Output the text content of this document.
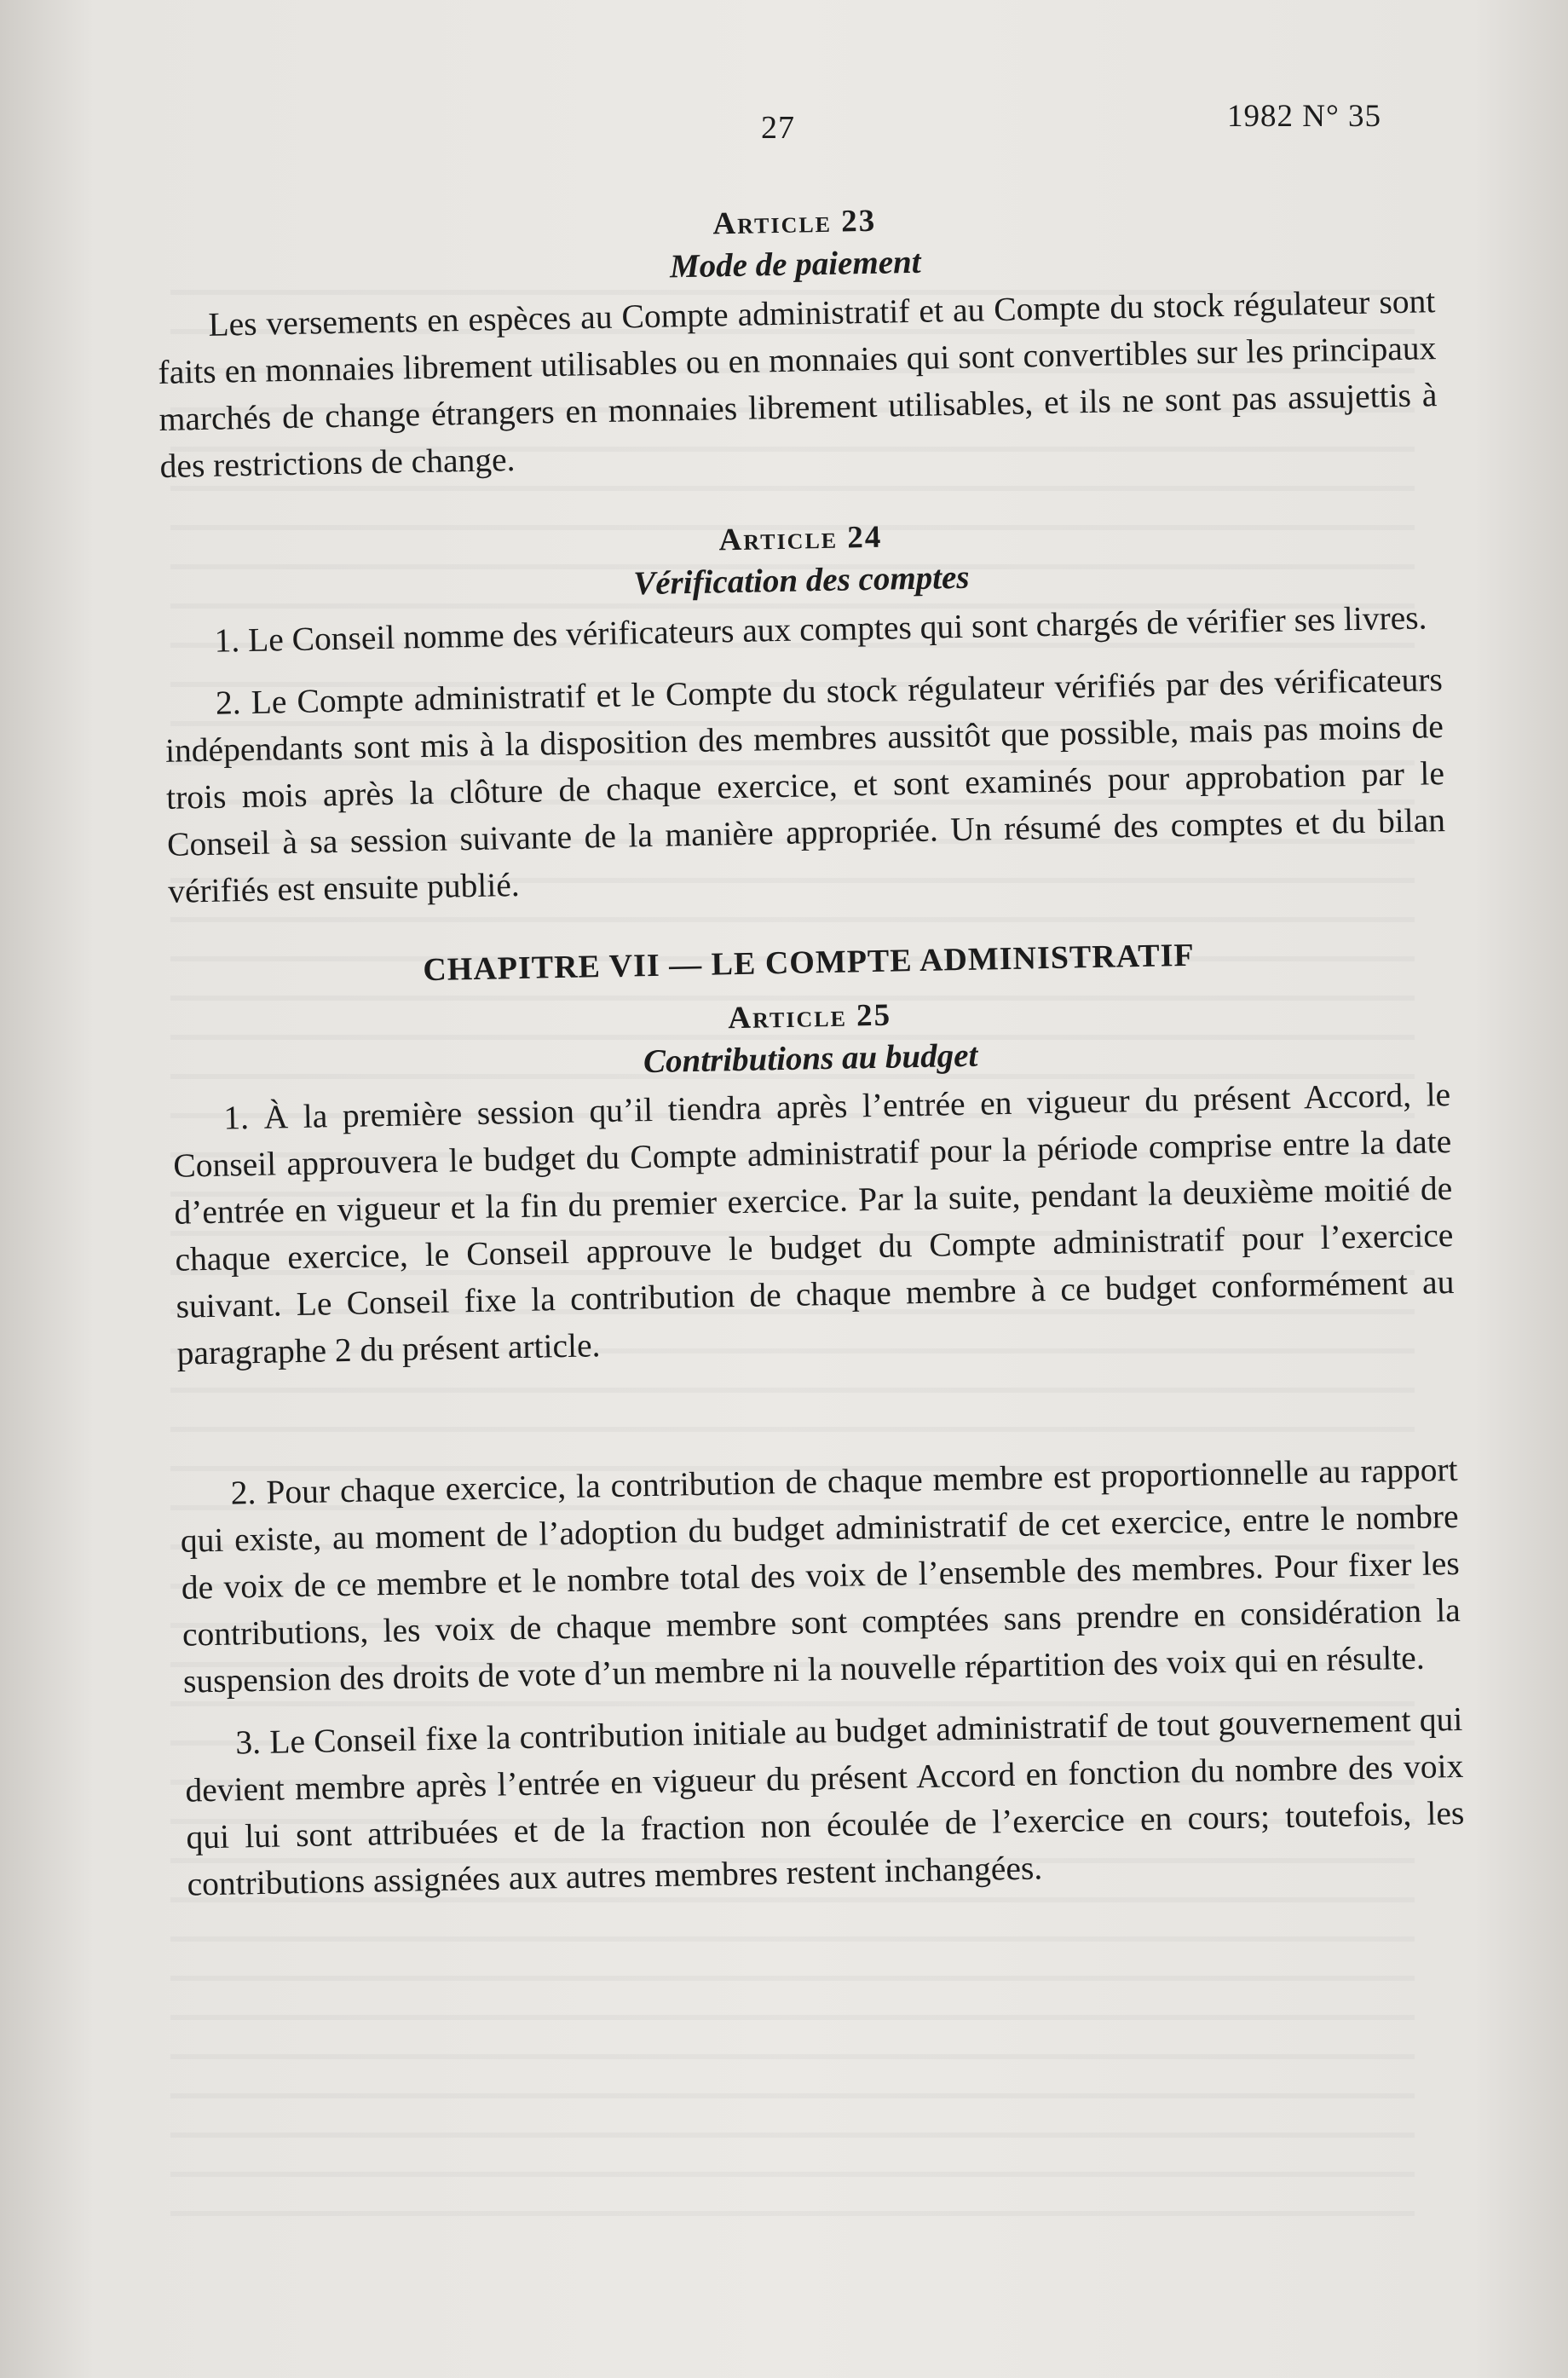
27	1982 N° 35
Article 23
Mode de paiement

Les versements en espèces au Compte administratif et au Compte du stock régulateur sont faits en monnaies librement utilisables ou en monnaies qui sont convertibles sur les principaux marchés de change étrangers en monnaies librement utilisables, et ils ne sont pas assujettis à des restrictions de change.

Article 24
Vérification des comptes

1. Le Conseil nomme des vérificateurs aux comptes qui sont chargés de vérifier ses livres.

2. Le Compte administratif et le Compte du stock régulateur vérifiés par des vérificateurs indépendants sont mis à la disposition des membres aussitôt que possible, mais pas moins de trois mois après la clôture de chaque exercice, et sont examinés pour approbation par le Conseil à sa session suivante de la manière appropriée. Un résumé des comptes et du bilan vérifiés est ensuite publié.

CHAPITRE VII — LE COMPTE ADMINISTRATIF
Article 25
Contributions au budget

1. À la première session qu’il tiendra après l’entrée en vigueur du présent Accord, le Conseil approuvera le budget du Compte administratif pour la période comprise entre la date d’entrée en vigueur et la fin du premier exercice. Par la suite, pendant la deuxième moitié de chaque exercice, le Conseil approuve le budget du Compte administratif pour l’exercice suivant. Le Conseil fixe la contribution de chaque membre à ce budget conformément au paragraphe 2 du présent article.

2. Pour chaque exercice, la contribution de chaque membre est proportionnelle au rapport qui existe, au moment de l’adoption du budget administratif de cet exercice, entre le nombre de voix de ce membre et le nombre total des voix de l’ensemble des membres. Pour fixer les contributions, les voix de chaque membre sont comptées sans prendre en considération la suspension des droits de vote d’un membre ni la nouvelle répartition des voix qui en résulte.

3. Le Conseil fixe la contribution initiale au budget administratif de tout gouvernement qui devient membre après l’entrée en vigueur du présent Accord en fonction du nombre des voix qui lui sont attribuées et de la fraction non écoulée de l’exercice en cours; toutefois, les contributions assignées aux autres membres restent inchangées.
